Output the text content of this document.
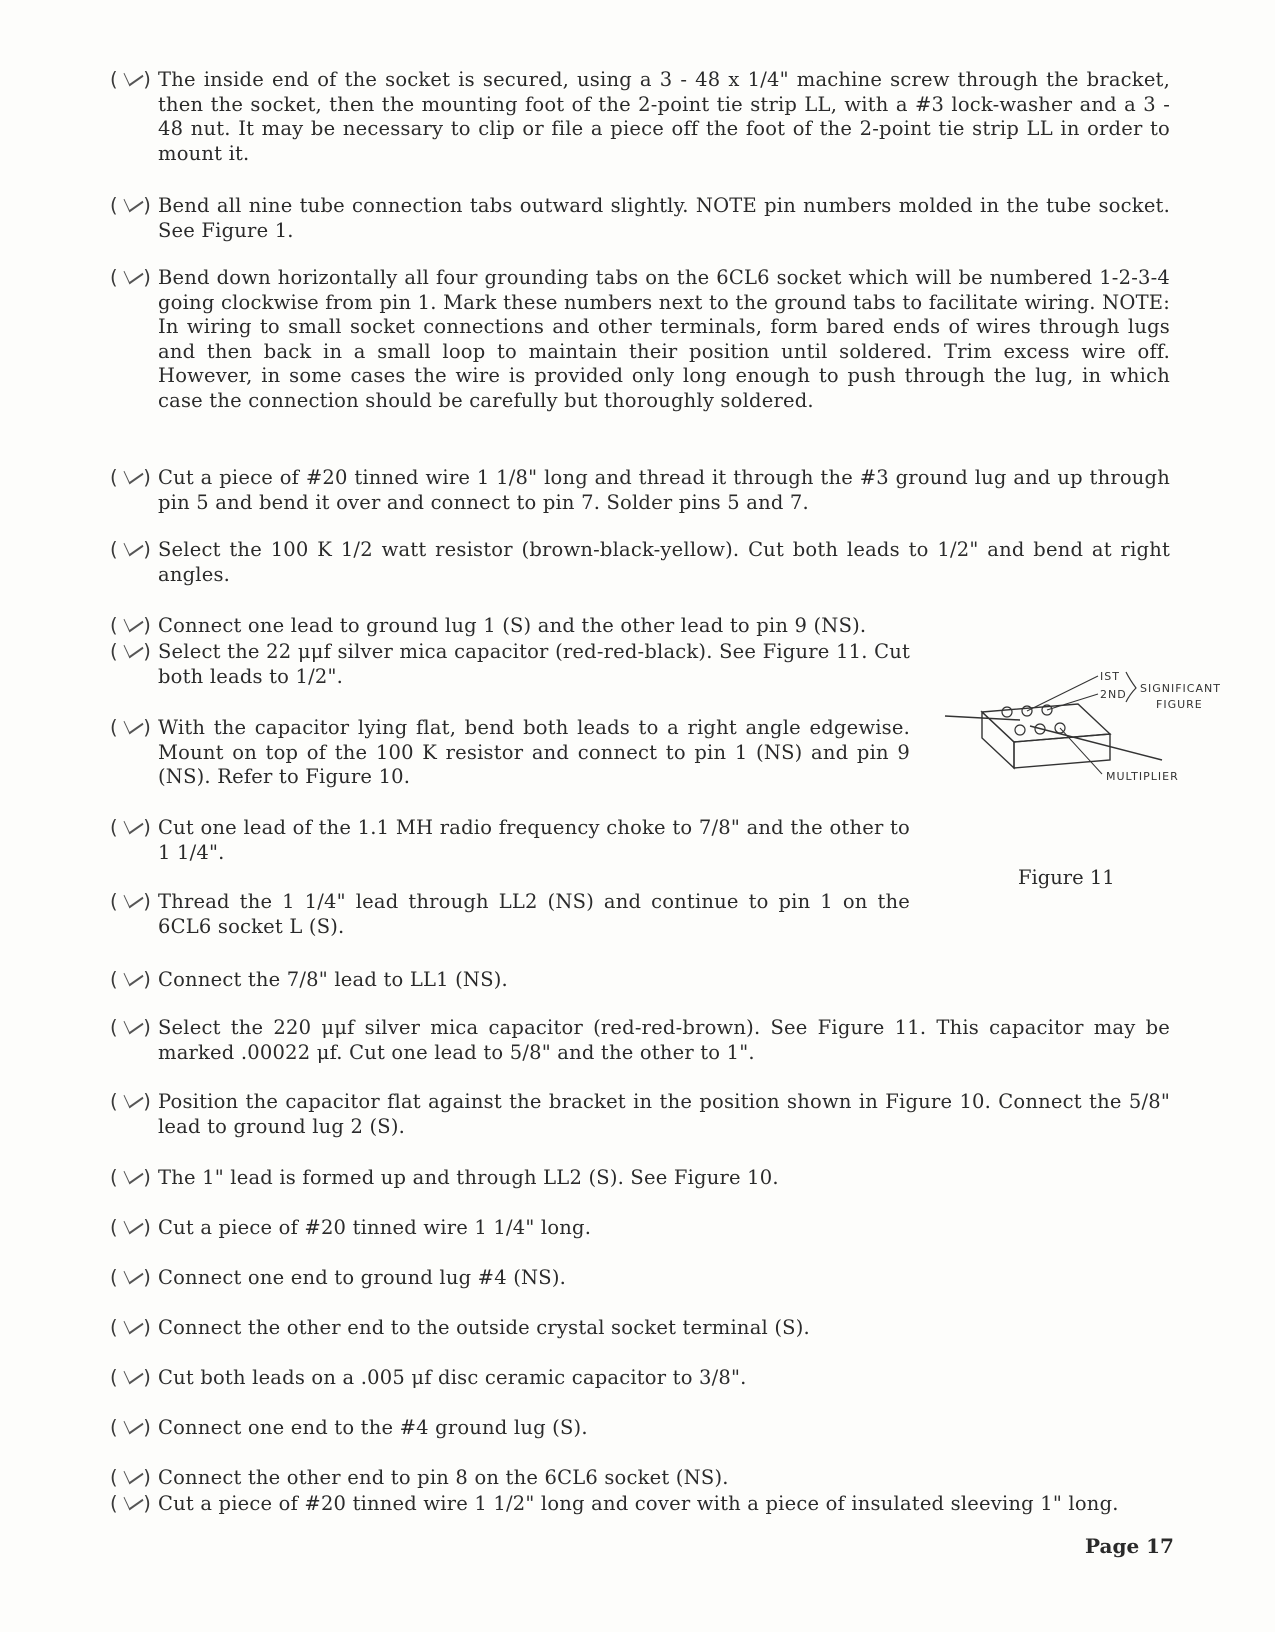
( ) The inside end of the socket is secured, using a 3 - 48 x 1/4" machine screw through the bracket, then the socket, then the mounting foot of the 2-point tie strip LL, with a #3 lock-washer and a 3 - 48 nut. It may be necessary to clip or file a piece off the foot of the 2-point tie strip LL in order to mount it.
( ) Bend all nine tube connection tabs outward slightly. NOTE pin numbers molded in the tube socket. See Figure 1.
( ) Bend down horizontally all four grounding tabs on the 6CL6 socket which will be numbered 1-2-3-4 going clockwise from pin 1. Mark these numbers next to the ground tabs to facilitate wiring. NOTE: In wiring to small socket connections and other terminals, form bared ends of wires through lugs and then back in a small loop to maintain their position until soldered. Trim excess wire off. However, in some cases the wire is provided only long enough to push through the lug, in which case the connection should be carefully but thoroughly soldered.
( ) Cut a piece of #20 tinned wire 1 1/8" long and thread it through the #3 ground lug and up through pin 5 and bend it over and connect to pin 7. Solder pins 5 and 7.
( ) Select the 100 K 1/2 watt resistor (brown-black-yellow). Cut both leads to 1/2" and bend at right angles.
( ) Connect one lead to ground lug 1 (S) and the other lead to pin 9 (NS).
( ) Select the 22 μμf silver mica capacitor (red-red-black). See Figure 11. Cut both leads to 1/2".
( ) With the capacitor lying flat, bend both leads to a right angle edgewise. Mount on top of the 100 K resistor and connect to pin 1 (NS) and pin 9 (NS). Refer to Figure 10.
( ) Cut one lead of the 1.1 MH radio frequency choke to 7/8" and the other to 1 1/4".
( ) Thread the 1 1/4" lead through LL2 (NS) and continue to pin 1 on the 6CL6 socket L (S).
( ) Connect the 7/8" lead to LL1 (NS).
( ) Select the 220 μμf silver mica capacitor (red-red-brown). See Figure 11. This capacitor may be marked .00022 μf. Cut one lead to 5/8" and the other to 1".
( ) Position the capacitor flat against the bracket in the position shown in Figure 10. Connect the 5/8" lead to ground lug 2 (S).
( ) The 1" lead is formed up and through LL2 (S). See Figure 10.
( ) Cut a piece of #20 tinned wire 1 1/4" long.
( ) Connect one end to ground lug #4 (NS).
( ) Connect the other end to the outside crystal socket terminal (S).
( ) Cut both leads on a .005 μf disc ceramic capacitor to 3/8".
( ) Connect one end to the #4 ground lug (S).
( ) Connect the other end to pin 8 on the 6CL6 socket (NS).
( ) Cut a piece of #20 tinned wire 1 1/2" long and cover with a piece of insulated sleeving 1" long.
IST
2ND SIGNIFICANT
FIGURE
MULTIPLIER
Figure 11
Page 17
